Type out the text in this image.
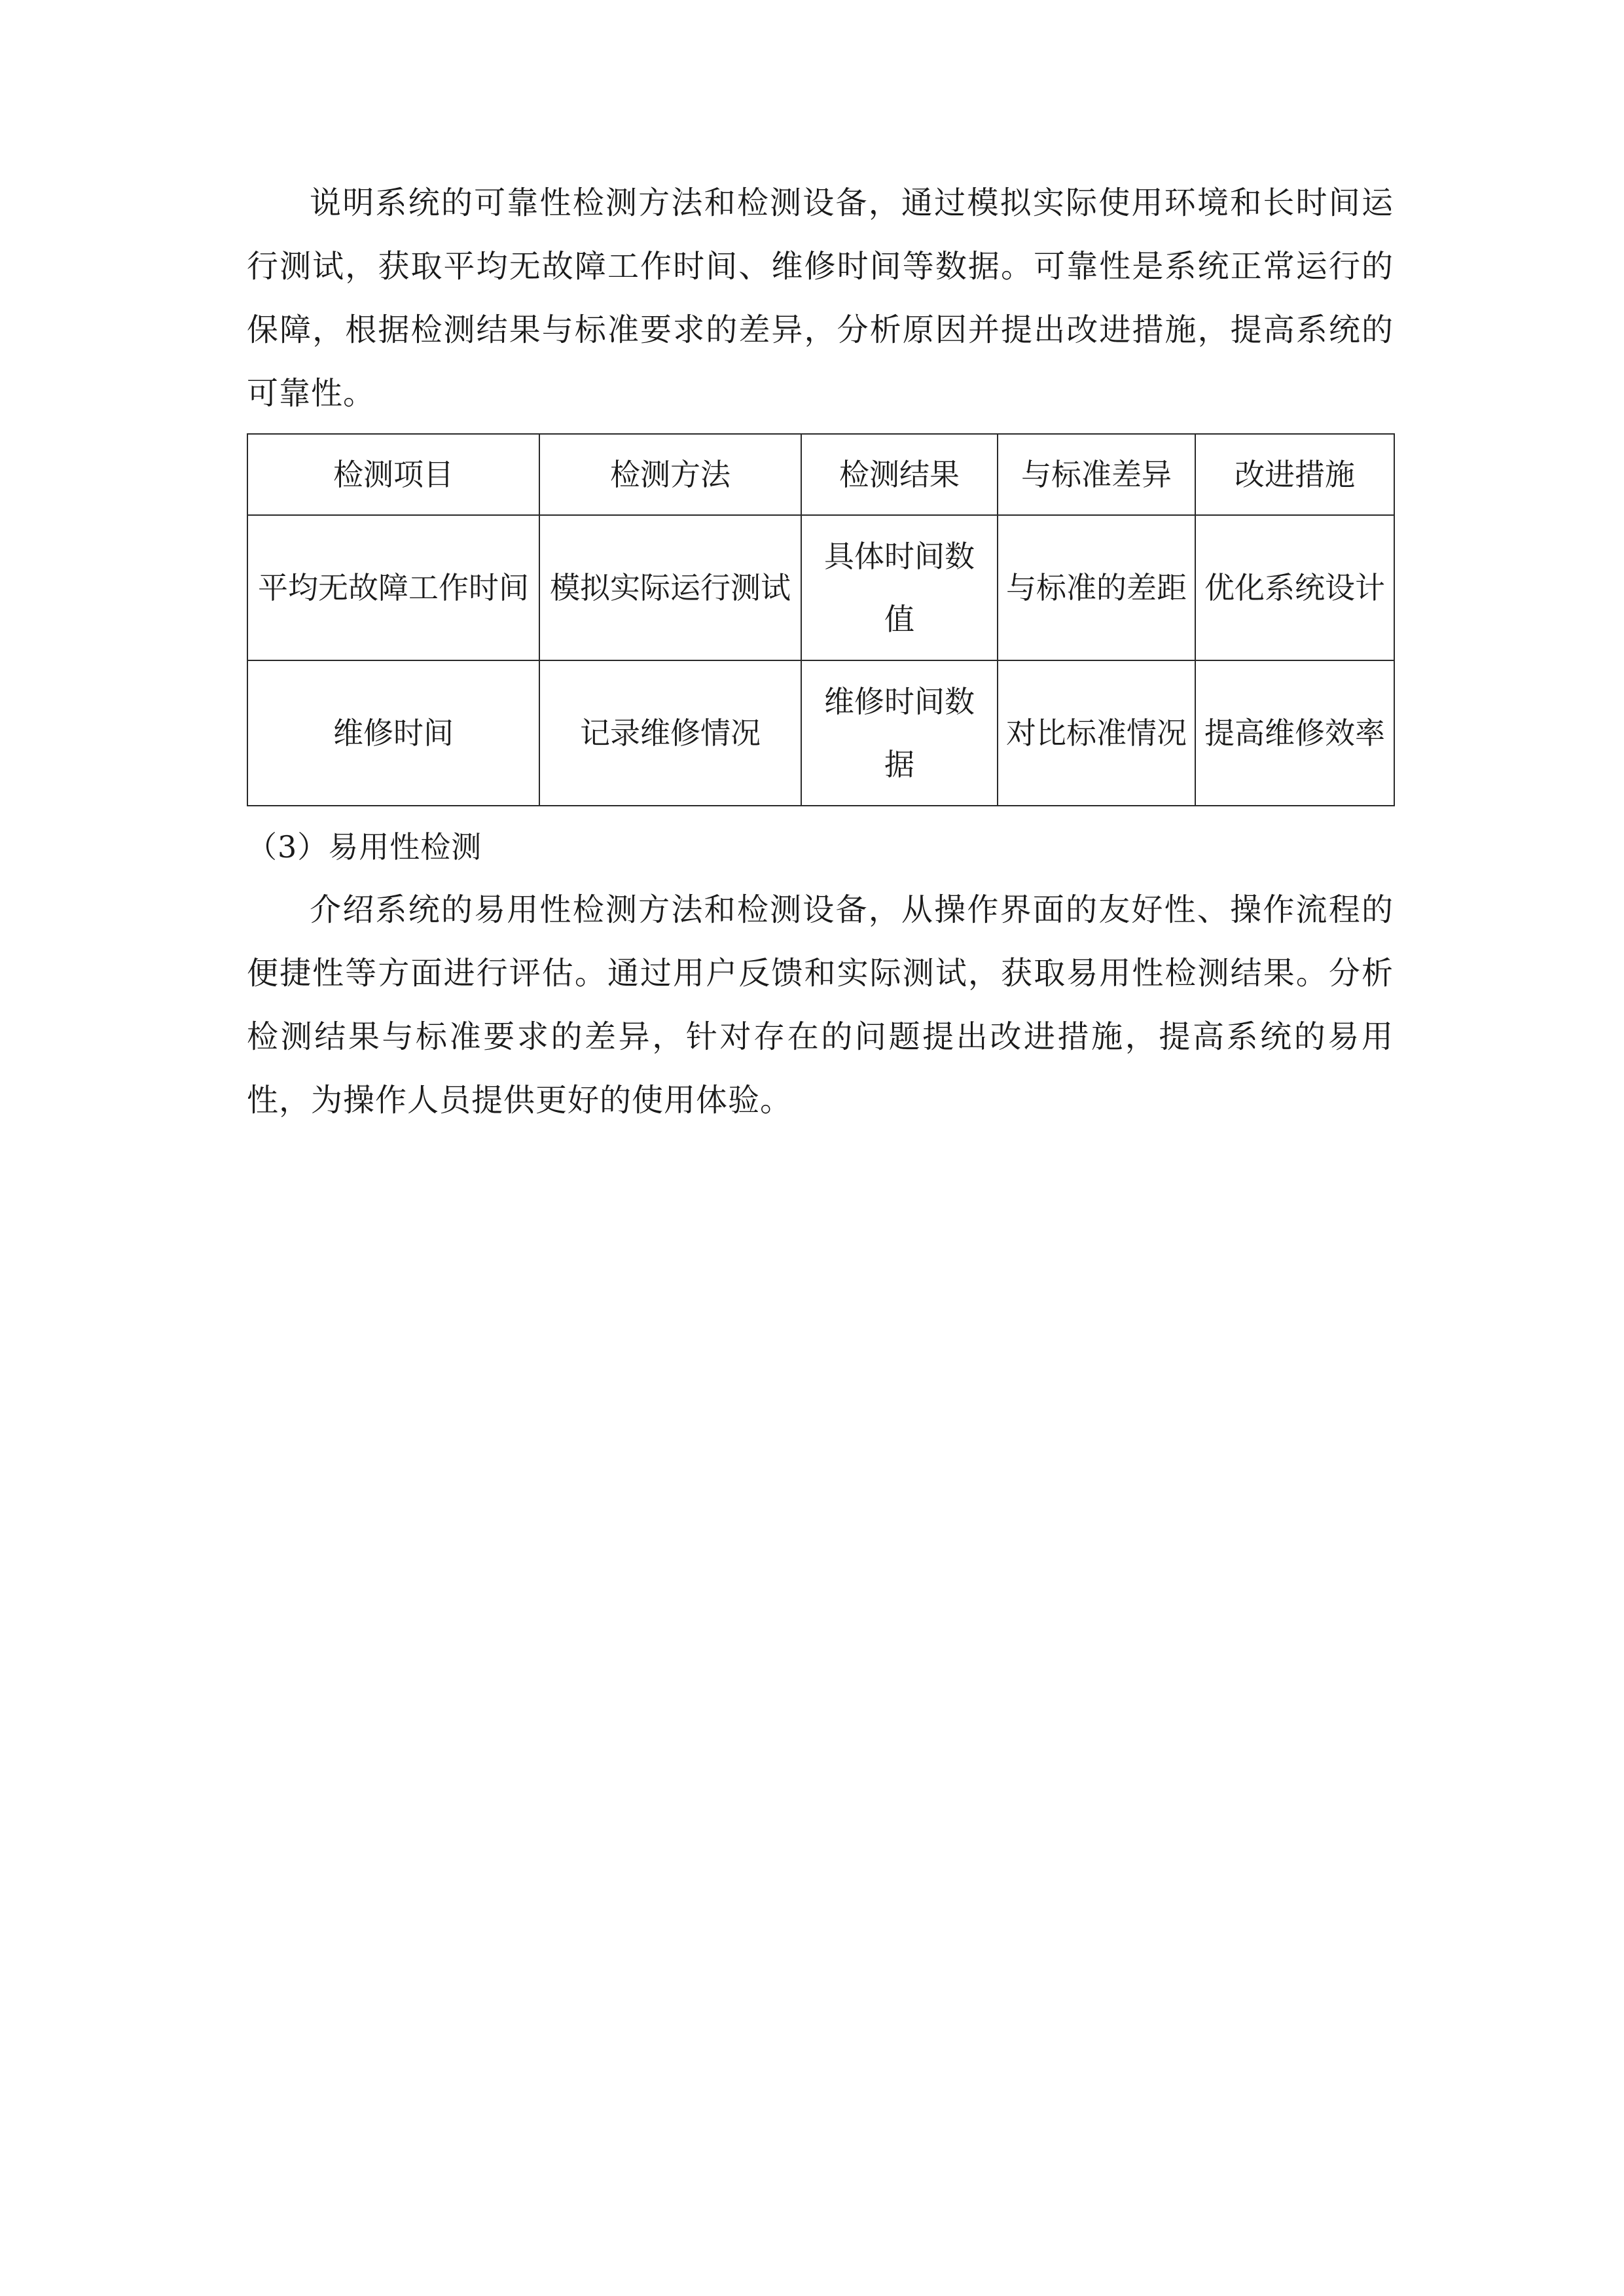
说明系统的可靠性检测方法和检测设备，通过模拟实际使用环境和长时间运行测试，获取平均无故障工作时间、维修时间等数据。可靠性是系统正常运行的保障，根据检测结果与标准要求的差异，分析原因并提出改进措施，提高系统的可靠性。

检测项目	检测方法	检测结果	与标准差异	改进措施
平均无故障工作时间	模拟实际运行测试	具体时间数值	与标准的差距	优化系统设计
维修时间	记录维修情况	维修时间数据	对比标准情况	提高维修效率

（3）易用性检测

介绍系统的易用性检测方法和检测设备，从操作界面的友好性、操作流程的便捷性等方面进行评估。通过用户反馈和实际测试，获取易用性检测结果。分析检测结果与标准要求的差异，针对存在的问题提出改进措施，提高系统的易用性，为操作人员提供更好的使用体验。
